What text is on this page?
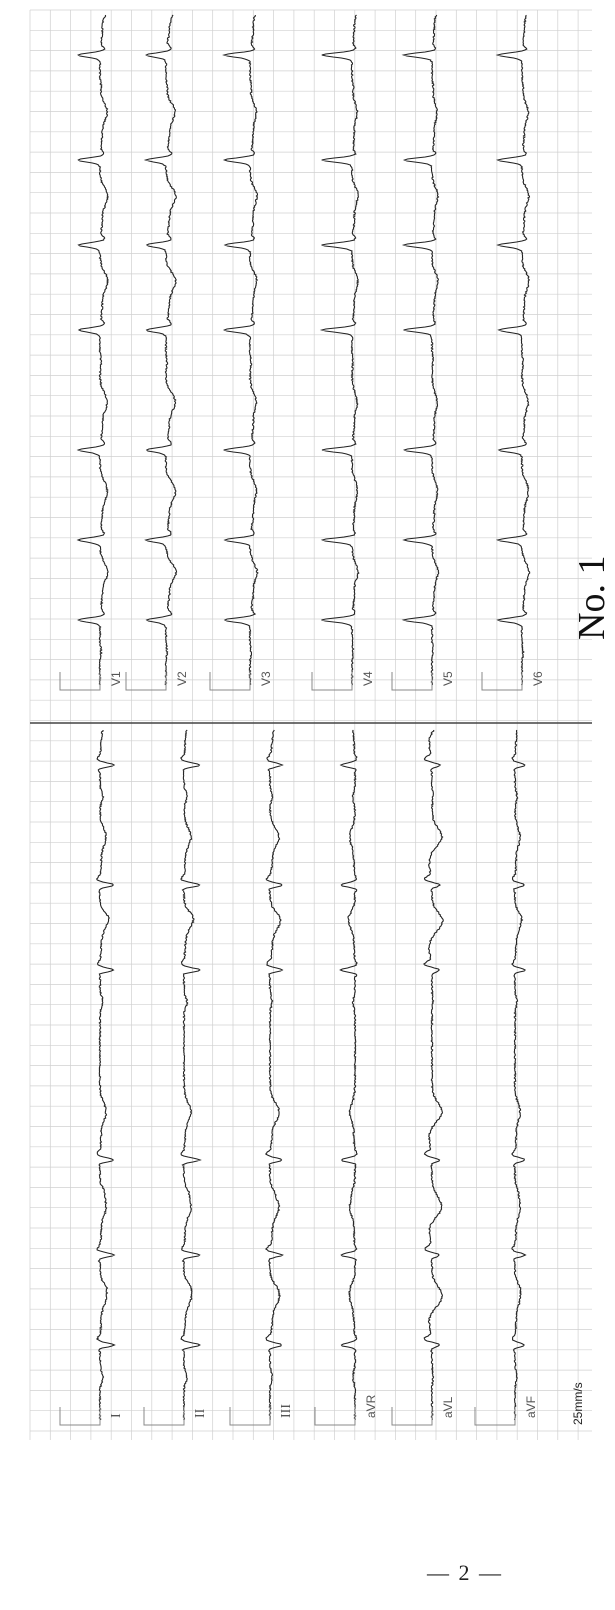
I	II	III	aVR	aVL	aVF
V1	V2	V3	V4	V5	V6
25mm/s
No. 1
— 2 —
